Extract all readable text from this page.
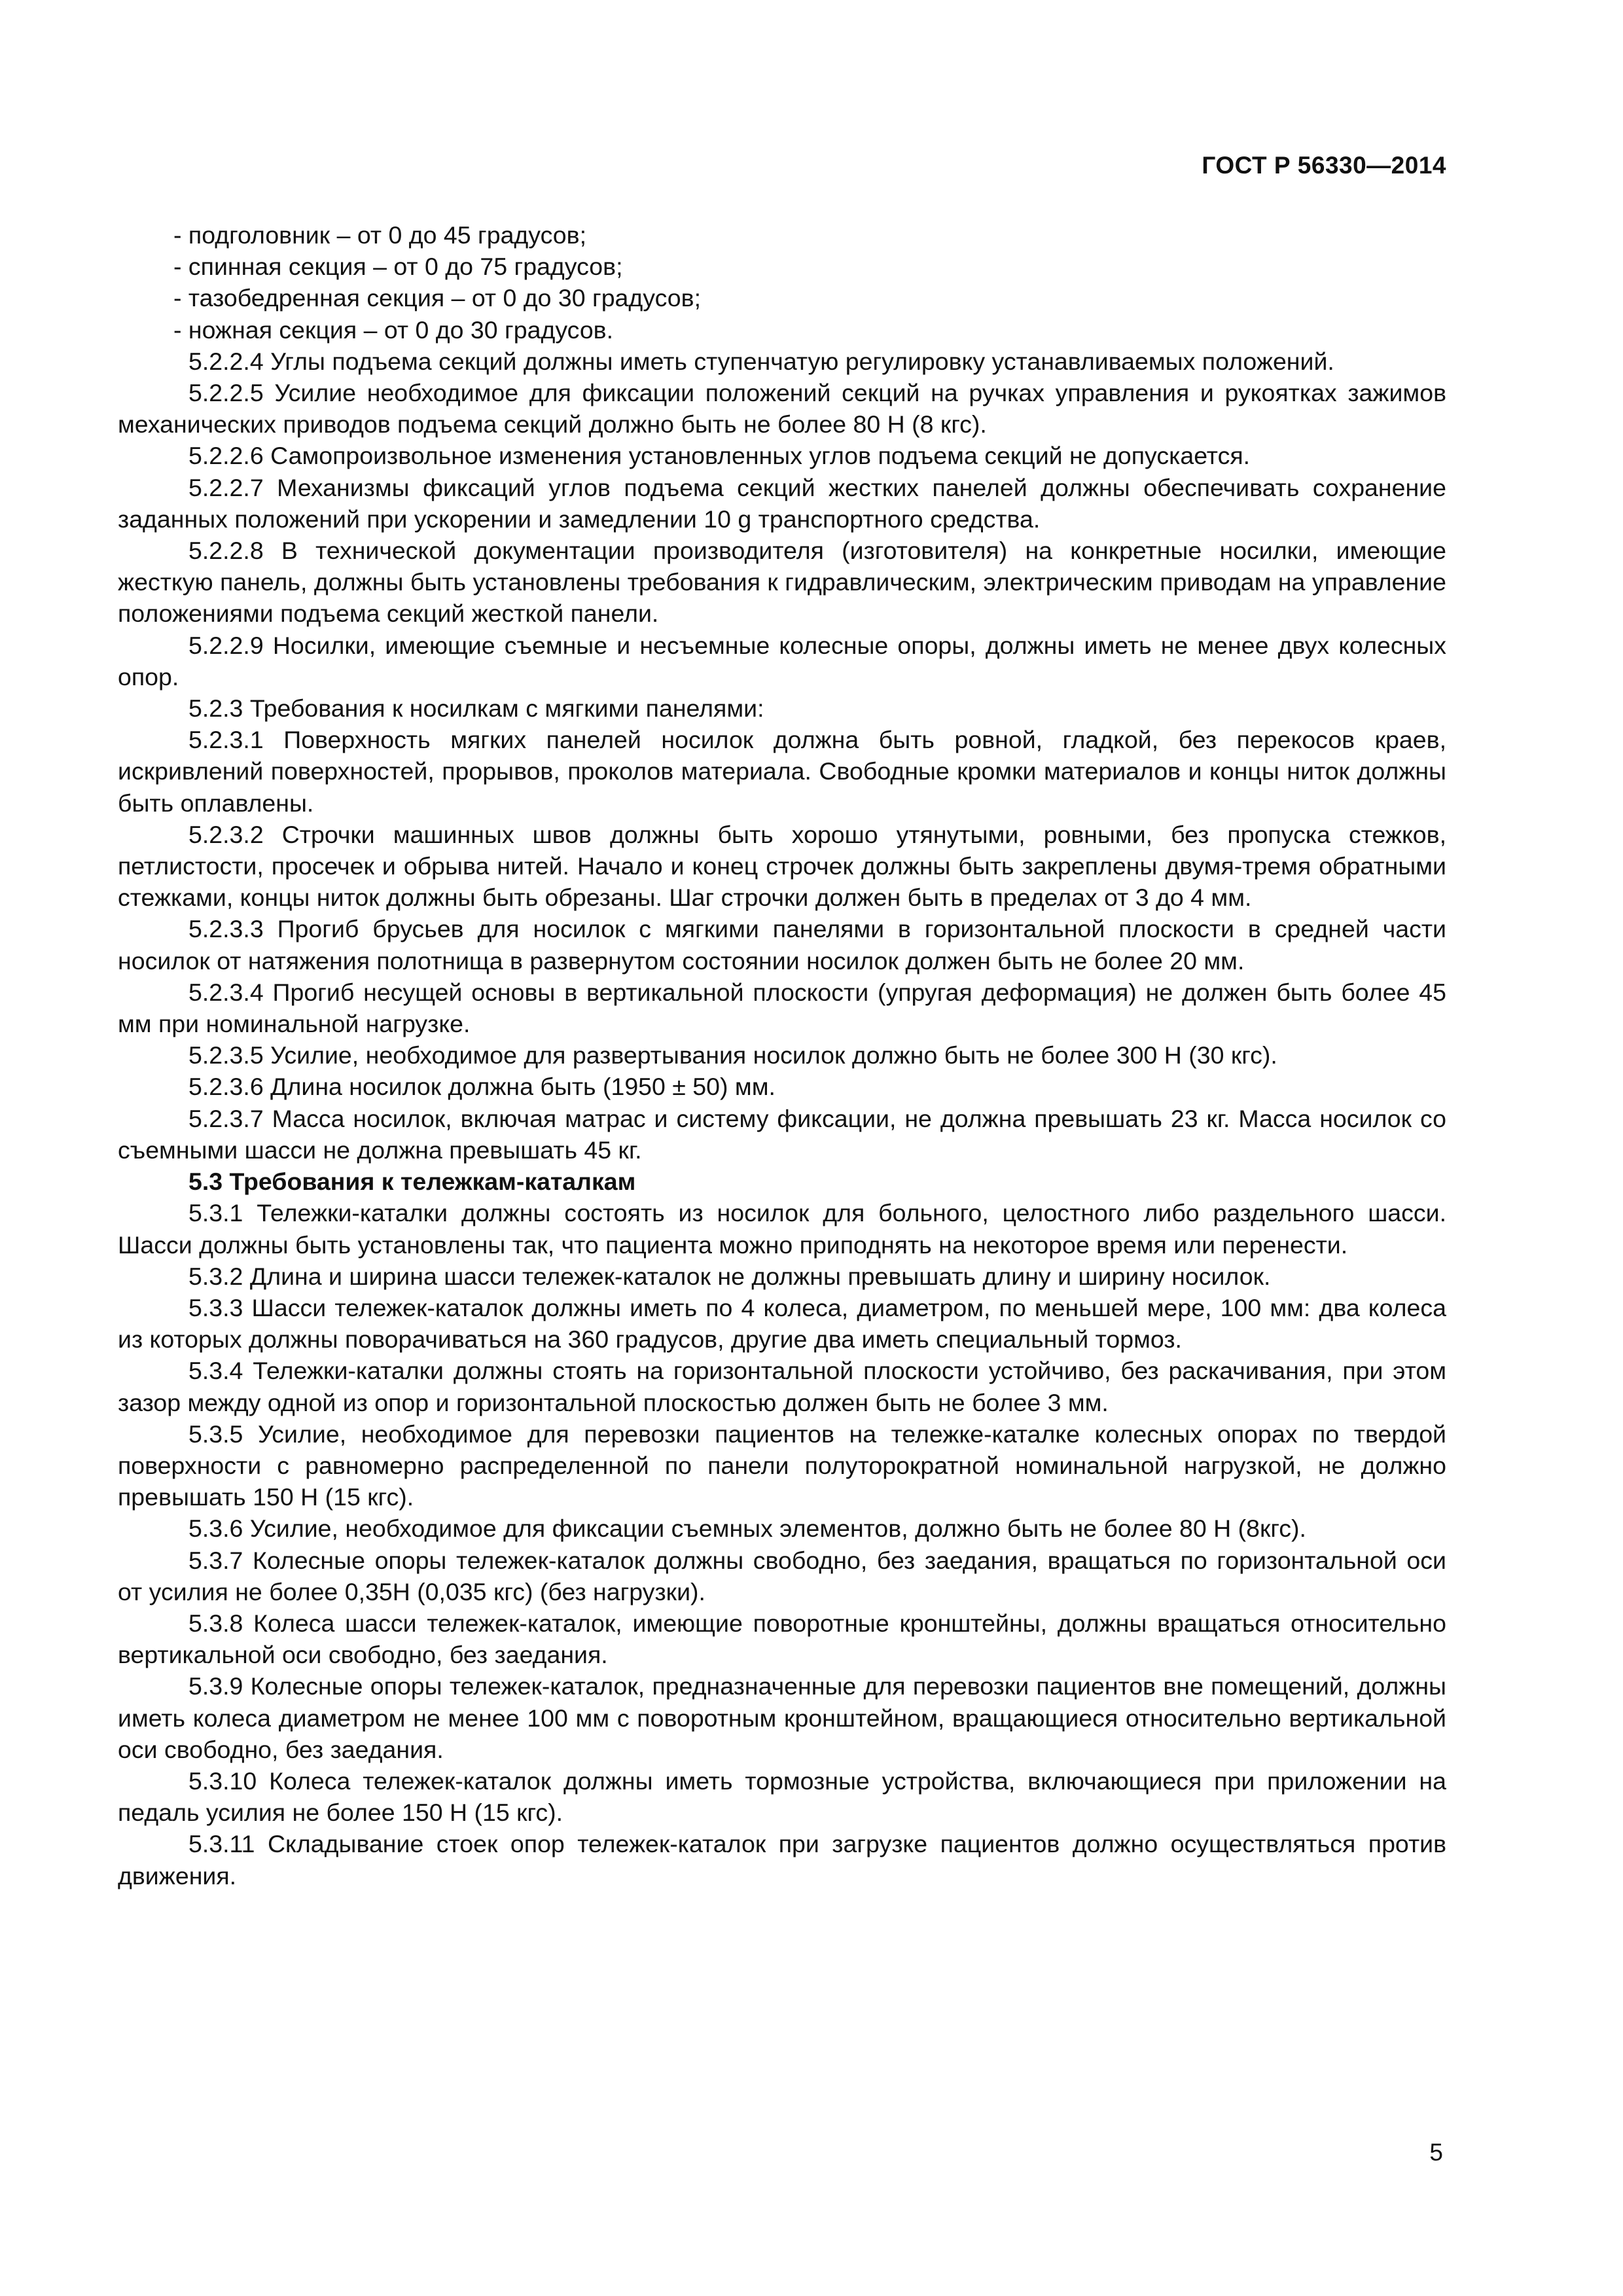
ГОСТ Р 56330—2014
- подголовник – от 0 до 45 градусов;
- спинная секция – от 0 до 75 градусов;
- тазобедренная секция – от 0 до 30 градусов;
- ножная секция – от 0 до 30 градусов.

5.2.2.4 Углы подъема секций должны иметь ступенчатую регулировку устанавливаемых положений.

5.2.2.5 Усилие необходимое для фиксации положений секций на ручках управления и рукоятках зажимов механических приводов подъема секций должно быть не более 80 Н (8 кгс).

5.2.2.6 Самопроизвольное изменения установленных углов подъема секций не допускается.

5.2.2.7 Механизмы фиксаций углов подъема секций жестких панелей должны обеспечивать сохранение заданных положений при ускорении и замедлении 10 g транспортного средства.

5.2.2.8 В технической документации производителя (изготовителя) на конкретные носилки, имеющие жесткую панель, должны быть установлены требования к гидравлическим, электрическим приводам на управление положениями подъема секций жесткой панели.

5.2.2.9 Носилки, имеющие съемные и несъемные колесные опоры, должны иметь не менее двух колесных опор.

5.2.3 Требования к носилкам с мягкими панелями:

5.2.3.1 Поверхность мягких панелей носилок должна быть ровной, гладкой, без перекосов краев, искривлений поверхностей, прорывов, проколов материала. Свободные кромки материалов и концы ниток должны быть оплавлены.

5.2.3.2 Строчки машинных швов должны быть хорошо утянутыми, ровными, без пропуска стежков, петлистости, просечек и обрыва нитей. Начало и конец строчек должны быть закреплены двумя-тремя обратными стежками, концы ниток должны быть обрезаны. Шаг строчки должен быть в пределах от 3 до 4 мм.

5.2.3.3 Прогиб брусьев для носилок с мягкими панелями в горизонтальной плоскости в средней части носилок от натяжения полотнища в развернутом состоянии носилок должен быть не более 20 мм.

5.2.3.4 Прогиб несущей основы в вертикальной плоскости (упругая деформация) не должен быть более 45 мм при номинальной нагрузке.

5.2.3.5 Усилие, необходимое для развертывания носилок должно быть не более 300 Н (30 кгс).

5.2.3.6 Длина носилок должна быть (1950 ± 50) мм.

5.2.3.7 Масса носилок, включая матрас и систему фиксации, не должна превышать 23 кг. Масса носилок со съемными шасси не должна превышать 45 кг.

5.3 Требования к тележкам-каталкам

5.3.1 Тележки-каталки должны состоять из носилок для больного, целостного либо раздельного шасси. Шасси должны быть установлены так, что пациента можно приподнять на некоторое время или перенести.

5.3.2 Длина и ширина шасси тележек-каталок не должны превышать длину и ширину носилок.

5.3.3 Шасси тележек-каталок должны иметь по 4 колеса, диаметром, по меньшей мере, 100 мм: два колеса из которых должны поворачиваться на 360 градусов, другие два иметь специальный тормоз.

5.3.4 Тележки-каталки должны стоять на горизонтальной плоскости устойчиво, без раскачивания, при этом зазор между одной из опор и горизонтальной плоскостью должен быть не более 3 мм.

5.3.5 Усилие, необходимое для перевозки пациентов на тележке-каталке колесных опорах по твердой поверхности с равномерно распределенной по панели полуторократной номинальной нагрузкой, не должно превышать 150 Н (15 кгс).

5.3.6 Усилие, необходимое для фиксации съемных элементов, должно быть не более 80 Н (8кгс).

5.3.7 Колесные опоры тележек-каталок должны свободно, без заедания, вращаться по горизонтальной оси от усилия не более 0,35Н (0,035 кгс) (без нагрузки).

5.3.8 Колеса шасси тележек-каталок, имеющие поворотные кронштейны, должны вращаться относительно вертикальной оси свободно, без заедания.

5.3.9 Колесные опоры тележек-каталок, предназначенные для перевозки пациентов вне помещений, должны иметь колеса диаметром не менее 100 мм с поворотным кронштейном, вращающиеся относительно вертикальной оси свободно, без заедания.

5.3.10 Колеса тележек-каталок должны иметь тормозные устройства, включающиеся при приложении на педаль усилия не более 150 Н (15 кгс).

5.3.11 Складывание стоек опор тележек-каталок при загрузке пациентов должно осуществляться против движения.

5
